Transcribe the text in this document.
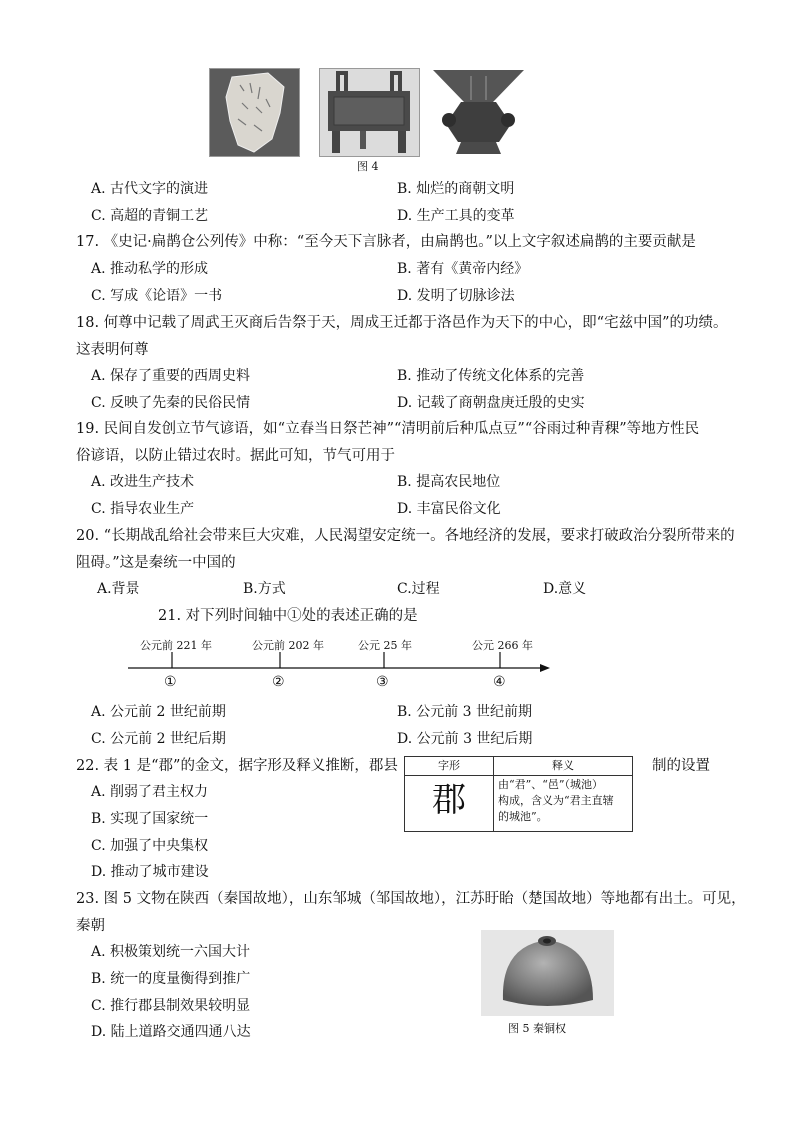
图 4
A. 古代文字的演进	B. 灿烂的商朝文明
C. 高超的青铜工艺	D. 生产工具的变革
17. 《史记·扁鹊仓公列传》中称：“至今天下言脉者，由扁鹊也。”以上文字叙述扁鹊的主要贡献是
A. 推动私学的形成	B. 著有《黄帝内经》
C. 写成《论语》一书	D. 发明了切脉诊法
18. 何尊中记载了周武王灭商后告祭于天，周成王迁都于洛邑作为天下的中心，即“宅兹中国”的功绩。
这表明何尊
A. 保存了重要的西周史料	B. 推动了传统文化体系的完善
C. 反映了先秦的民俗民情	D. 记载了商朝盘庚迁殷的史实
19. 民间自发创立节气谚语，如“立春当日祭芒神”“清明前后种瓜点豆”“谷雨过种青稞”等地方性民
俗谚语，以防止错过农时。据此可知，节气可用于
A. 改进生产技术	B. 提高农民地位
C. 指导农业生产	D. 丰富民俗文化
20. “长期战乱给社会带来巨大灾难，人民渴望安定统一。各地经济的发展，要求打破政治分裂所带来的
阻碍。”这是秦统一中国的
A.背景	B.方式	C.过程	D.意义
21. 对下列时间轴中①处的表述正确的是
公元前 221 年	公元前 202 年	公元 25 年	公元 266 年
①	②	③	④
A. 公元前 2 世纪前期	B. 公元前 3 世纪前期
C. 公元前 2 世纪后期	D. 公元前 3 世纪后期
22. 表 1 是“郡”的金文，据字形及释义推断，郡县	制的设置
字形	释义
郡	由“君”、“邑”（城池）
构成，含义为“君主直辖
的城池”。
A. 削弱了君主权力
B. 实现了国家统一
C. 加强了中央集权
D. 推动了城市建设
23. 图 5 文物在陕西（秦国故地），山东邹城（邹国故地），江苏盱眙（楚国故地）等地都有出土。可见，
秦朝
A. 积极策划统一六国大计
B. 统一的度量衡得到推广
C. 推行郡县制效果较明显
D. 陆上道路交通四通八达	图 5 秦铜权
